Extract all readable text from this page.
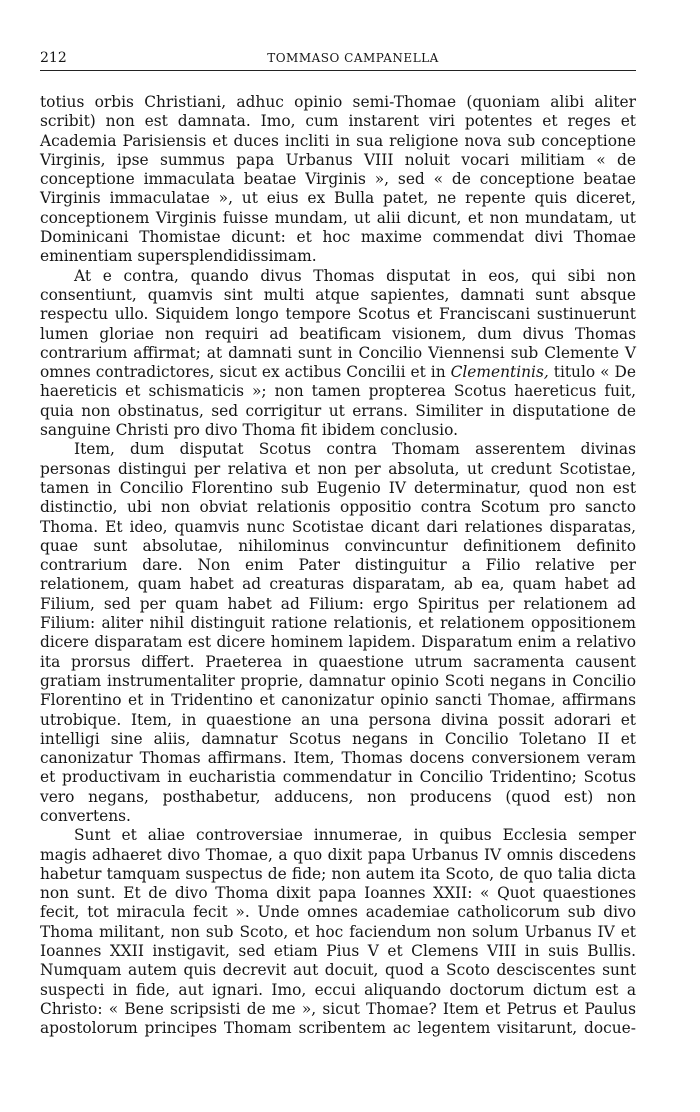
212	TOMMASO CAMPANELLA

totius orbis Christiani, adhuc opinio semi-Thomae (quoniam alibi aliter scribit) non est damnata. Imo, cum instarent viri potentes et reges et Academia Parisiensis et duces incliti in sua religione nova sub conceptione Virginis, ipse summus papa Urbanus VIII noluit vocari militiam « de conceptione immaculata beatae Virginis », sed « de conceptione beatae Virginis immaculatae », ut eius ex Bulla patet, ne repente quis diceret, conceptionem Virginis fuisse mundam, ut alii dicunt, et non mundatam, ut Dominicani Thomistae dicunt: et hoc maxime commendat divi Thomae eminentiam supersplendidissimam.

At e contra, quando divus Thomas disputat in eos, qui sibi non consentiunt, quamvis sint multi atque sapientes, damnati sunt absque respectu ullo. Siquidem longo tempore Scotus et Franciscani sustinuerunt lumen gloriae non requiri ad beatificam visionem, dum divus Thomas contrarium affirmat; at damnati sunt in Concilio Viennensi sub Clemente V omnes contradictores, sicut ex actibus Concilii et in Clementinis, titulo « De haereticis et schismaticis »; non tamen propterea Scotus haereticus fuit, quia non obstinatus, sed corrigitur ut errans. Similiter in disputatione de sanguine Christi pro divo Thoma fit ibidem conclusio.

Item, dum disputat Scotus contra Thomam asserentem divinas personas distingui per relativa et non per absoluta, ut credunt Scotistae, tamen in Concilio Florentino sub Eugenio IV determinatur, quod non est distinctio, ubi non obviat relationis oppositio contra Scotum pro sancto Thoma. Et ideo, quamvis nunc Scotistae dicant dari relationes disparatas, quae sunt absolutae, nihilominus convincuntur definitionem definito contrarium dare. Non enim Pater distinguitur a Filio relative per relationem, quam habet ad creaturas disparatam, ab ea, quam habet ad Filium, sed per quam habet ad Filium: ergo Spiritus per relationem ad Filium: aliter nihil distinguit ratione relationis, et relationem oppositionem dicere disparatam est dicere hominem lapidem. Disparatum enim a relativo ita prorsus differt. Praeterea in quaestione utrum sacramenta causent gratiam instrumentaliter proprie, damnatur opinio Scoti negans in Concilio Florentino et in Tridentino et canonizatur opinio sancti Thomae, affirmans utrobique. Item, in quaestione an una persona divina possit adorari et intelligi sine aliis, damnatur Scotus negans in Concilio Toletano II et canonizatur Thomas affirmans. Item, Thomas docens conversionem veram et productivam in eucharistia commendatur in Concilio Tridentino; Scotus vero negans, posthabetur, adducens, non producens (quod est) non convertens.

Sunt et aliae controversiae innumerae, in quibus Ecclesia semper magis adhaeret divo Thomae, a quo dixit papa Urbanus IV omnis discedens habetur tamquam suspectus de fide; non autem ita Scoto, de quo talia dicta non sunt. Et de divo Thoma dixit papa Ioannes XXII: « Quot quaestiones fecit, tot miracula fecit ». Unde omnes academiae catholicorum sub divo Thoma militant, non sub Scoto, et hoc faciendum non solum Urbanus IV et Ioannes XXII instigavit, sed etiam Pius V et Clemens VIII in suis Bullis. Numquam autem quis decrevit aut docuit, quod a Scoto desciscentes sunt suspecti in fide, aut ignari. Imo, eccui aliquando doctorum dictum est a Christo: « Bene scripsisti de me », sicut Thomae? Item et Petrus et Paulus apostolorum principes Thomam scribentem ac legentem visitarunt, docue-
